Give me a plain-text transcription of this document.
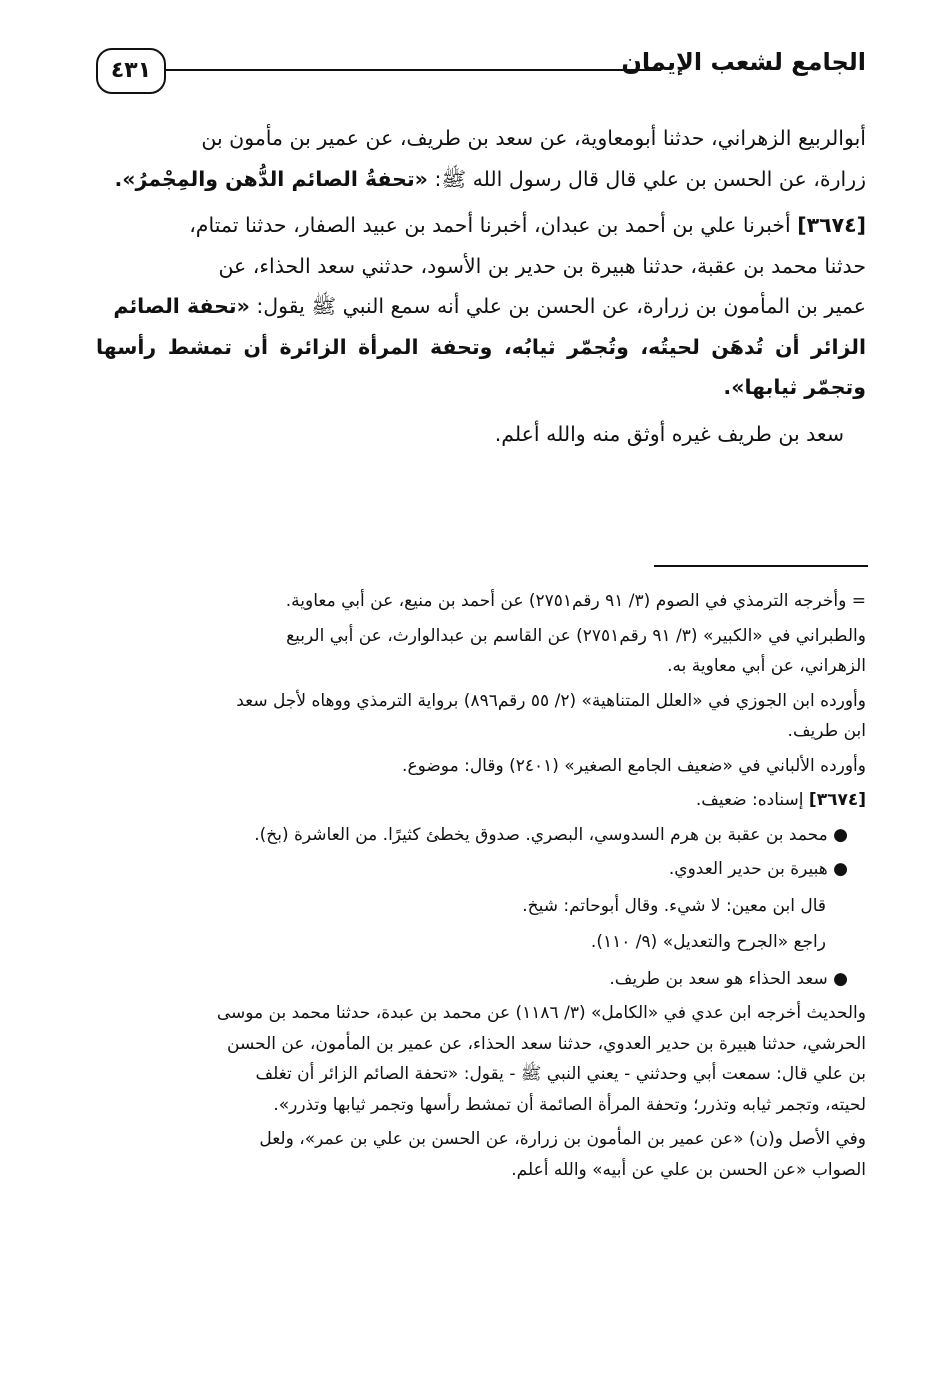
٤٣١	الجامع لشعب الإيمان

أبوالربيع الزهراني، حدثنا أبومعاوية، عن سعد بن طريف، عن عمير بن مأمون بن
زرارة، عن الحسن بن علي قال قال رسول الله ﷺ: «تحفةُ الصائم الدُّهن والمِجْمرُ».

[٣٦٧٤] أخبرنا علي بن أحمد بن عبدان، أخبرنا أحمد بن عبيد الصفار، حدثنا تمتام،
حدثنا محمد بن عقبة، حدثنا هبيرة بن حدير بن الأسود، حدثني سعد الحذاء، عن
عمير بن المأمون بن زرارة، عن الحسن بن علي أنه سمع النبي ﷺ يقول: «تحفة الصائم
الزائر أن تُدهَن لحيتُه، وتُجمّر ثيابُه، وتحفة المرأة الزائرة أن تمشط رأسها وتجمّر ثيابها».

سعد بن طريف غيره أوثق منه والله أعلم.

= وأخرجه الترمذي في الصوم (٣/ ٩١ رقم٢٧٥١) عن أحمد بن منيع، عن أبي معاوية.

والطبراني في «الكبير» (٣/ ٩١ رقم٢٧٥١) عن القاسم بن عبدالوارث، عن أبي الربيع
الزهراني، عن أبي معاوية به.

وأورده ابن الجوزي في «العلل المتناهية» (٢/ ٥٥ رقم٨٩٦) برواية الترمذي ووهاه لأجل سعد
ابن طريف.

وأورده الألباني في «ضعيف الجامع الصغير» (٢٤٠١) وقال: موضوع.

[٣٦٧٤] إسناده: ضعيف.

● محمد بن عقبة بن هرم السدوسي، البصري. صدوق يخطئ كثيرًا. من العاشرة (بخ).

● هبيرة بن حدير العدوي.

قال ابن معين: لا شيء. وقال أبوحاتم: شيخ.

راجع «الجرح والتعديل» (٩/ ١١٠).

● سعد الحذاء هو سعد بن طريف.

والحديث أخرجه ابن عدي في «الكامل» (٣/ ١١٨٦) عن محمد بن عبدة، حدثنا محمد بن موسى
الحرشي، حدثنا هبيرة بن حدير العدوي، حدثنا سعد الحذاء، عن عمير بن المأمون، عن الحسن
بن علي قال: سمعت أبي وحدثني - يعني النبي ﷺ - يقول: «تحفة الصائم الزائر أن تغلف
لحيته، وتجمر ثيابه وتذرر؛ وتحفة المرأة الصائمة أن تمشط رأسها وتجمر ثيابها وتذرر».

وفي الأصل و(ن) «عن عمير بن المأمون بن زرارة، عن الحسن بن علي بن عمر»، ولعل
الصواب «عن الحسن بن علي عن أبيه» والله أعلم.
